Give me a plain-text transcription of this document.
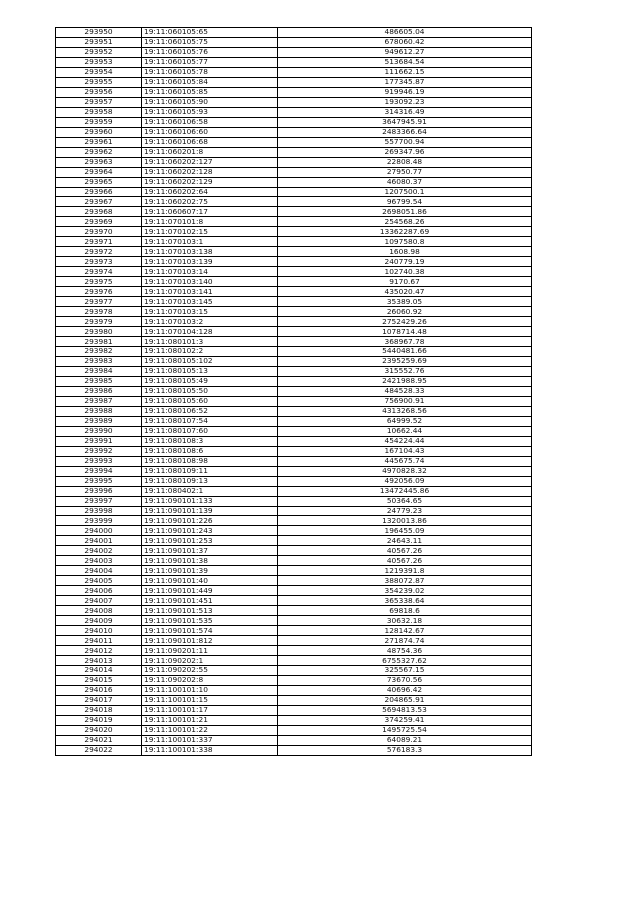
293950	19:11:060105:65	486605.04
293951	19:11:060105:75	678060.42
293952	19:11:060105:76	949612.27
293953	19:11:060105:77	513684.54
293954	19:11:060105:78	111662.15
293955	19:11:060105:84	177345.87
293956	19:11:060105:85	919946.19
293957	19:11:060105:90	193092.23
293958	19:11:060105:93	314316.49
293959	19:11:060106:58	3647945.91
293960	19:11:060106:60	2483366.64
293961	19:11:060106:68	557700.94
293962	19:11:060201:8	269347.96
293963	19:11:060202:127	22808.48
293964	19:11:060202:128	27950.77
293965	19:11:060202:129	46080.37
293966	19:11:060202:64	1207500.1
293967	19:11:060202:75	96799.54
293968	19:11:060607:17	2698051.86
293969	19:11:070101:8	254568.26
293970	19:11:070102:15	13362287.69
293971	19:11:070103:1	1097580.8
293972	19:11:070103:138	1608.98
293973	19:11:070103:139	240779.19
293974	19:11:070103:14	102740.38
293975	19:11:070103:140	9170.67
293976	19:11:070103:141	435020.47
293977	19:11:070103:145	35389.05
293978	19:11:070103:15	26060.92
293979	19:11:070103:2	2752429.26
293980	19:11:070104:128	1078714.48
293981	19:11:080101:3	368967.78
293982	19:11:080102:2	5440481.66
293983	19:11:080105:102	2395259.69
293984	19:11:080105:13	315552.76
293985	19:11:080105:49	2421988.95
293986	19:11:080105:50	484528.33
293987	19:11:080105:60	756900.91
293988	19:11:080106:52	4313268.56
293989	19:11:080107:54	64999.52
293990	19:11:080107:60	10662.44
293991	19:11:080108:3	454224.44
293992	19:11:080108:6	167104.43
293993	19:11:080108:98	445675.74
293994	19:11:080109:11	4970828.32
293995	19:11:080109:13	492056.09
293996	19:11:080402:1	13472445.86
293997	19:11:090101:133	50364.65
293998	19:11:090101:139	24779.23
293999	19:11:090101:226	1320013.86
294000	19:11:090101:243	196455.09
294001	19:11:090101:253	24643.11
294002	19:11:090101:37	40567.26
294003	19:11:090101:38	40567.26
294004	19:11:090101:39	1219391.8
294005	19:11:090101:40	388072.87
294006	19:11:090101:449	354239.02
294007	19:11:090101:451	365338.64
294008	19:11:090101:513	69818.6
294009	19:11:090101:535	30632.18
294010	19:11:090101:574	128142.67
294011	19:11:090101:812	271874.74
294012	19:11:090201:11	48754.36
294013	19:11:090202:1	6755327.62
294014	19:11:090202:55	325567.15
294015	19:11:090202:8	73670.56
294016	19:11:100101:10	40696.42
294017	19:11:100101:15	204865.91
294018	19:11:100101:17	5694813.53
294019	19:11:100101:21	374259.41
294020	19:11:100101:22	1495725.54
294021	19:11:100101:337	64089.21
294022	19:11:100101:338	576183.3
